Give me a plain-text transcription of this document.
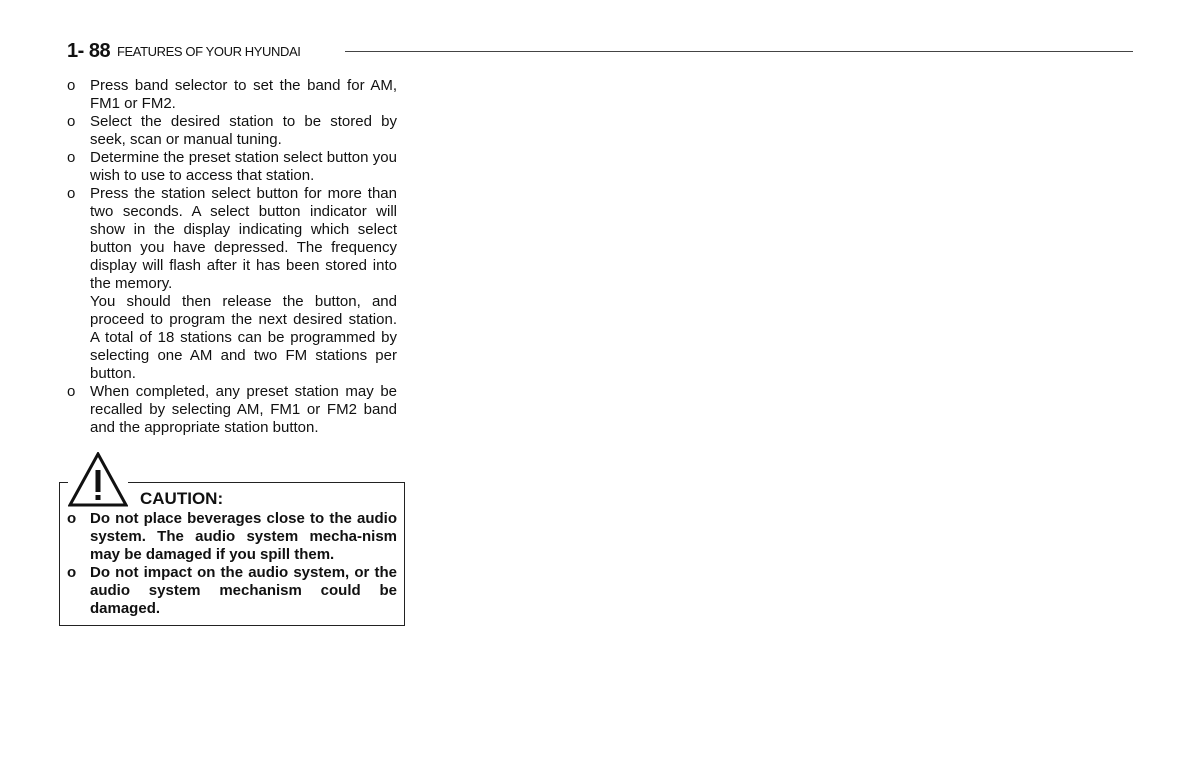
1- 88 FEATURES OF YOUR HYUNDAI
o Press band selector to set the band for AM, FM1 or FM2.
o Select the desired station to be stored by seek, scan or manual tuning.
o Determine the preset station select button you wish to use to access that station.
o Press the station select button for more than two seconds. A select button indicator will show in the display indicating which select button you have depressed. The frequency display will flash after it has been stored into the memory.
You should then release the button, and proceed to program the next desired station. A total of 18 stations can be programmed by selecting one AM and two FM stations per button.
o When completed, any preset station may be recalled by selecting AM, FM1 or FM2 band and the appropriate station button.
CAUTION:
o Do not place beverages close to the audio system. The audio system mecha-nism may be damaged if you spill them.
o Do not impact on the audio system, or the audio system mechanism could be damaged.
